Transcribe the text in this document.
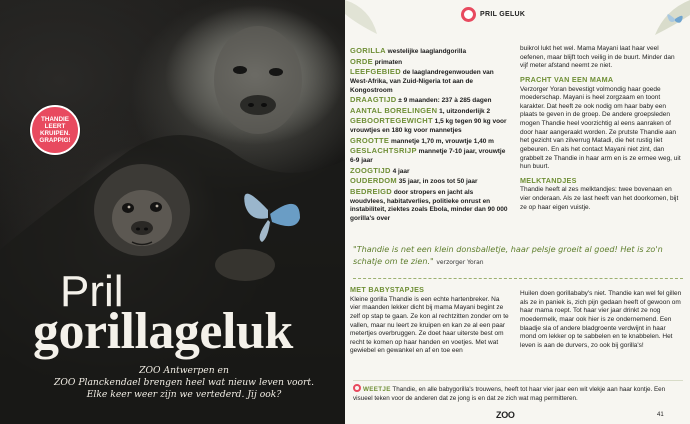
THANDIE
LEERT
KRUIPEN.
GRAPPIG!
Pril
gorillageluk
ZOO Antwerpen en
ZOO Planckendael brengen heel wat nieuw leven voort.
Elke keer weer zijn we vertederd. Jij ook?
PRIL GELUK
GORILLA westelijke laaglandgorilla
ORDE primaten
LEEFGEBIED de laaglandregenwouden van West-Afrika, van Zuid-Nigeria tot aan de Kongostroom
DRAAGTIJD ± 9 maanden: 237 à 285 dagen
AANTAL BORELINGEN 1, uitzonderlijk 2
GEBOORTEGEWICHT 1,5 kg tegen 90 kg voor vrouwtjes en 180 kg voor mannetjes
GROOTTE mannetje 1,70 m, vrouwtje 1,40 m
GESLACHTSRIJP mannetje 7-10 jaar, vrouwtje 6-9 jaar
ZOOGTIJD 4 jaar
OUDERDOM 35 jaar, in zoos tot 50 jaar
BEDREIGD door stropers en jacht als woudvlees, habitatverlies, politieke onrust en instabiliteit, ziektes zoals Ebola, minder dan 90 000 gorilla's over
buikrol lukt het wel. Mama Mayani laat haar veel oefenen, maar blijft toch veilig in de buurt. Minder dan vijf meter afstand neemt ze niet.
PRACHT VAN EEN MAMA
Verzorger Yoran bevestigt volmondig haar goede moederschap. Mayani is heel zorgzaam en toont karakter. Dat heeft ze ook nodig om haar baby een plaats te geven in de groep. De andere groepsleden mogen Thandie heel voorzichtig al eens aanraken of door haar aangeraakt worden. Ze prutste Thandie aan het gezicht van zilverrug Matadi, die het rustig liet gebeuren. En als het contact Mayani niet zint, dan grabbelt ze Thandie in haar arm en is ze ermee weg, uit hun buurt.
MELKTANDJES
Thandie heeft al zes melktandjes: twee bovenaan en vier onderaan. Als ze last heeft van het doorkomen, bijt ze op haar eigen vuistje.
"Thandie is net een klein donsballetje, haar pelsje groeit al goed! Het is zo'n schatje om te zien." verzorger Yoran
MET BABYSTAPJES
Kleine gorilla Thandie is een echte hartenbreker. Na vier maanden lekker dicht bij mama Mayani begint ze zelf op stap te gaan. Ze kon al rechtzitten zonder om te vallen, maar nu leert ze kruipen en kan ze al een paar metertjes overbruggen. Ze doet haar uiterste best om recht te komen op haar handen en voetjes. Met wat gewiebel en gewankel en af en toe een
Huilen doen gorillababy's niet. Thandie kan wel fel gillen als ze in paniek is, zich pijn gedaan heeft of gewoon om haar mama roept. Tot haar vier jaar drinkt ze nog moedermelk, maar ook hier is ze ondernemend. Een blaadje sla of andere bladgroente verdwijnt in haar mond om lekker op te sabbelen en te knabbelen. Het leven is aan de durvers, zo ook bij gorilla's!
WEETJE Thandie, en alle babygorilla's trouwens, heeft tot haar vier jaar een wit vlekje aan haar kontje. Een visueel teken voor de anderen dat ze jong is en dat ze zich wat mag permitteren.
ZOO	41
